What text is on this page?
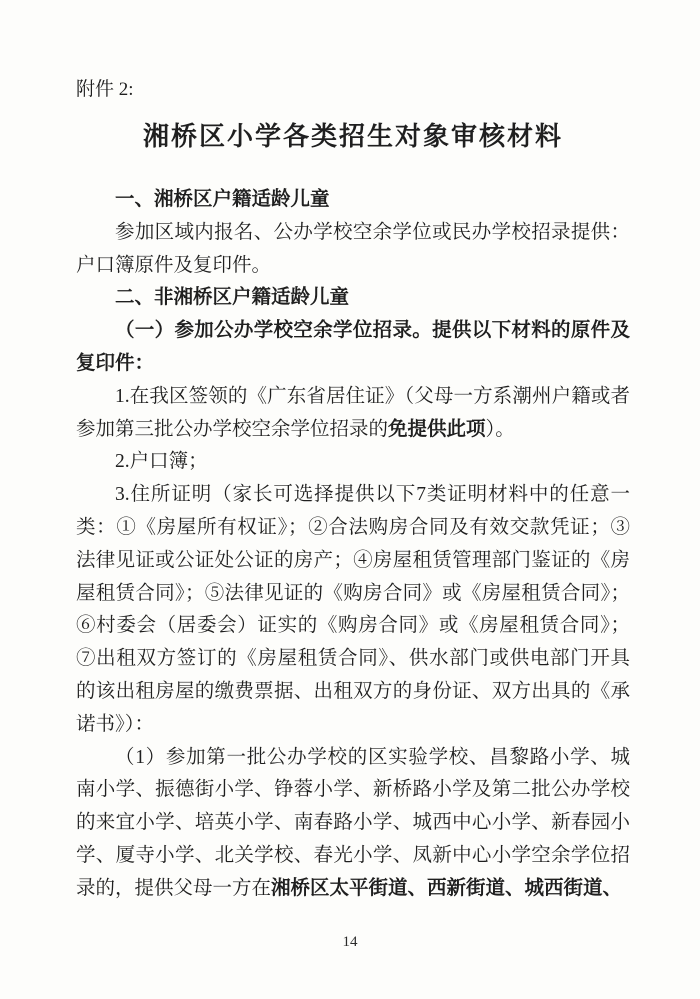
附件 2:

湘桥区小学各类招生对象审核材料

一、湘桥区户籍适龄儿童

参加区域内报名、公办学校空余学位或民办学校招录提供：户口簿原件及复印件。

二、非湘桥区户籍适龄儿童

（一）参加公办学校空余学位招录。提供以下材料的原件及复印件：

1.在我区签领的《广东省居住证》（父母一方系潮州户籍或者参加第三批公办学校空余学位招录的免提供此项）。

2.户口簿；

3.住所证明（家长可选择提供以下7类证明材料中的任意一类：①《房屋所有权证》；②合法购房合同及有效交款凭证；③法律见证或公证处公证的房产；④房屋租赁管理部门鉴证的《房屋租赁合同》；⑤法律见证的《购房合同》或《房屋租赁合同》；⑥村委会（居委会）证实的《购房合同》或《房屋租赁合同》；⑦出租双方签订的《房屋租赁合同》、供水部门或供电部门开具的该出租房屋的缴费票据、出租双方的身份证、双方出具的《承诺书》）：

（1）参加第一批公办学校的区实验学校、昌黎路小学、城南小学、振德街小学、铮蓉小学、新桥路小学及第二批公办学校的来宜小学、培英小学、南春路小学、城西中心小学、新春园小学、厦寺小学、北关学校、春光小学、凤新中心小学空余学位招录的，提供父母一方在湘桥区太平街道、西新街道、城西街道、

14
